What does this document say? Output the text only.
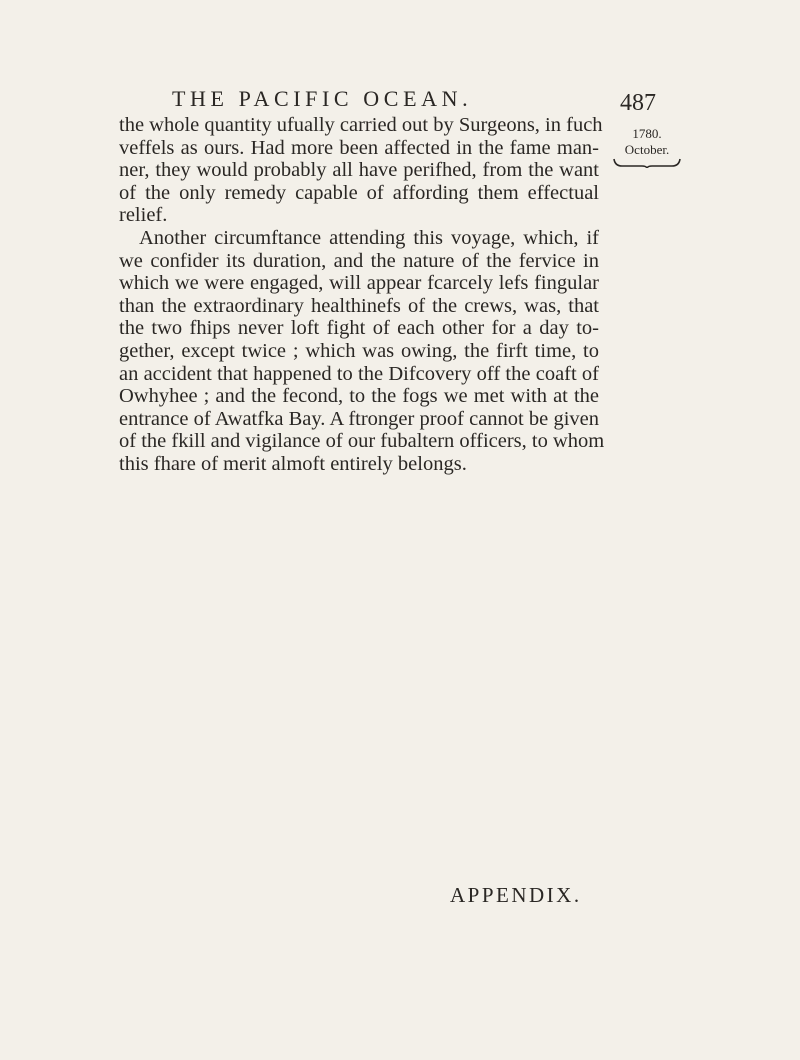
THE PACIFIC OCEAN.	487
1780.
October.
the whole quantity ufually carried out by Surgeons, in fuch
veffels as ours. Had more been affected in the fame man-
ner, they would probably all have perifhed, from the want
of the only remedy capable of affording them effectual
relief.
Another circumftance attending this voyage, which, if
we confider its duration, and the nature of the fervice in
which we were engaged, will appear fcarcely lefs fingular
than the extraordinary healthinefs of the crews, was, that
the two fhips never loft fight of each other for a day to-
gether, except twice ; which was owing, the firft time, to
an accident that happened to the Difcovery off the coaft of
Owhyhee ; and the fecond, to the fogs we met with at the
entrance of Awatfka Bay. A ftronger proof cannot be given
of the fkill and vigilance of our fubaltern officers, to whom
this fhare of merit almoft entirely belongs.
APPENDIX.
